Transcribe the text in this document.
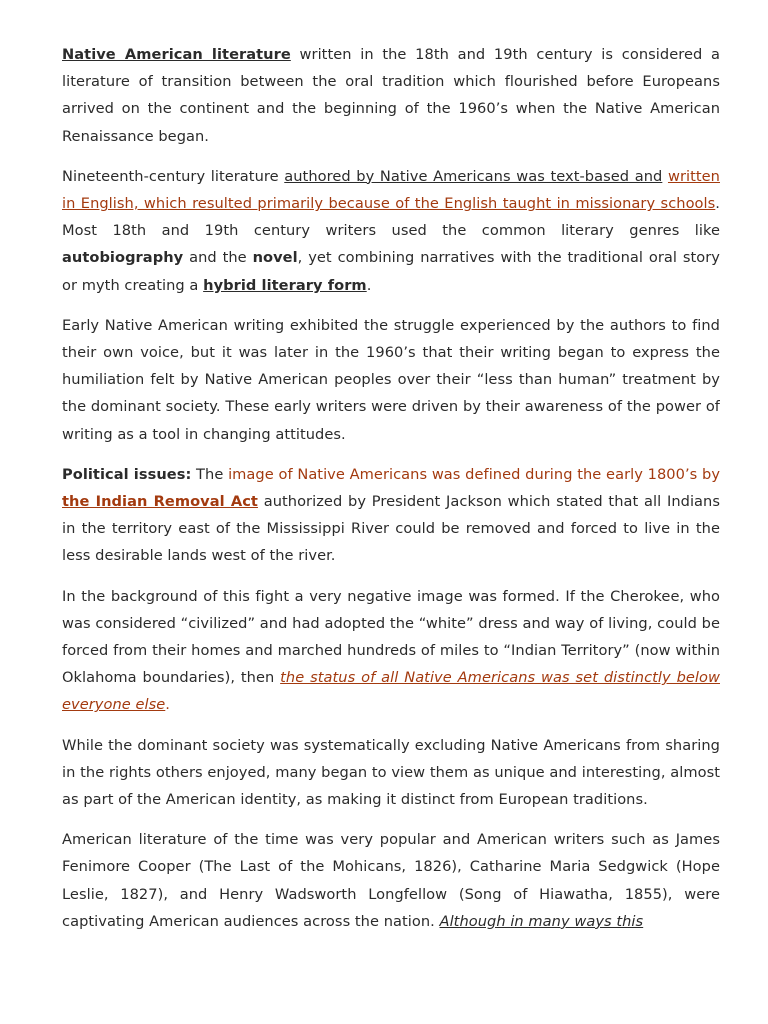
Native American literature written in the 18th and 19th century is considered a literature of transition between the oral tradition which flourished before Europeans arrived on the continent and the beginning of the 1960’s when the Native American Renaissance began.

Nineteenth-century literature authored by Native Americans was text-based and written in English, which resulted primarily because of the English taught in missionary schools. Most 18th and 19th century writers used the common literary genres like autobiography and the novel, yet combining narratives with the traditional oral story or myth creating a hybrid literary form.

Early Native American writing exhibited the struggle experienced by the authors to find their own voice, but it was later in the 1960’s that their writing began to express the humiliation felt by Native American peoples over their “less than human” treatment by the dominant society. These early writers were driven by their awareness of the power of writing as a tool in changing attitudes.

Political issues: The image of Native Americans was defined during the early 1800’s by the Indian Removal Act authorized by President Jackson which stated that all Indians in the territory east of the Mississippi River could be removed and forced to live in the less desirable lands west of the river.

In the background of this fight a very negative image was formed. If the Cherokee, who was considered “civilized” and had adopted the “white” dress and way of living, could be forced from their homes and marched hundreds of miles to “Indian Territory” (now within Oklahoma boundaries), then the status of all Native Americans was set distinctly below everyone else.

While the dominant society was systematically excluding Native Americans from sharing in the rights others enjoyed, many began to view them as unique and interesting, almost as part of the American identity, as making it distinct from European traditions.

American literature of the time was very popular and American writers such as James Fenimore Cooper (The Last of the Mohicans, 1826), Catharine Maria Sedgwick (Hope Leslie, 1827), and Henry Wadsworth Longfellow (Song of Hiawatha, 1855), were captivating American audiences across the nation. Although in many ways this
